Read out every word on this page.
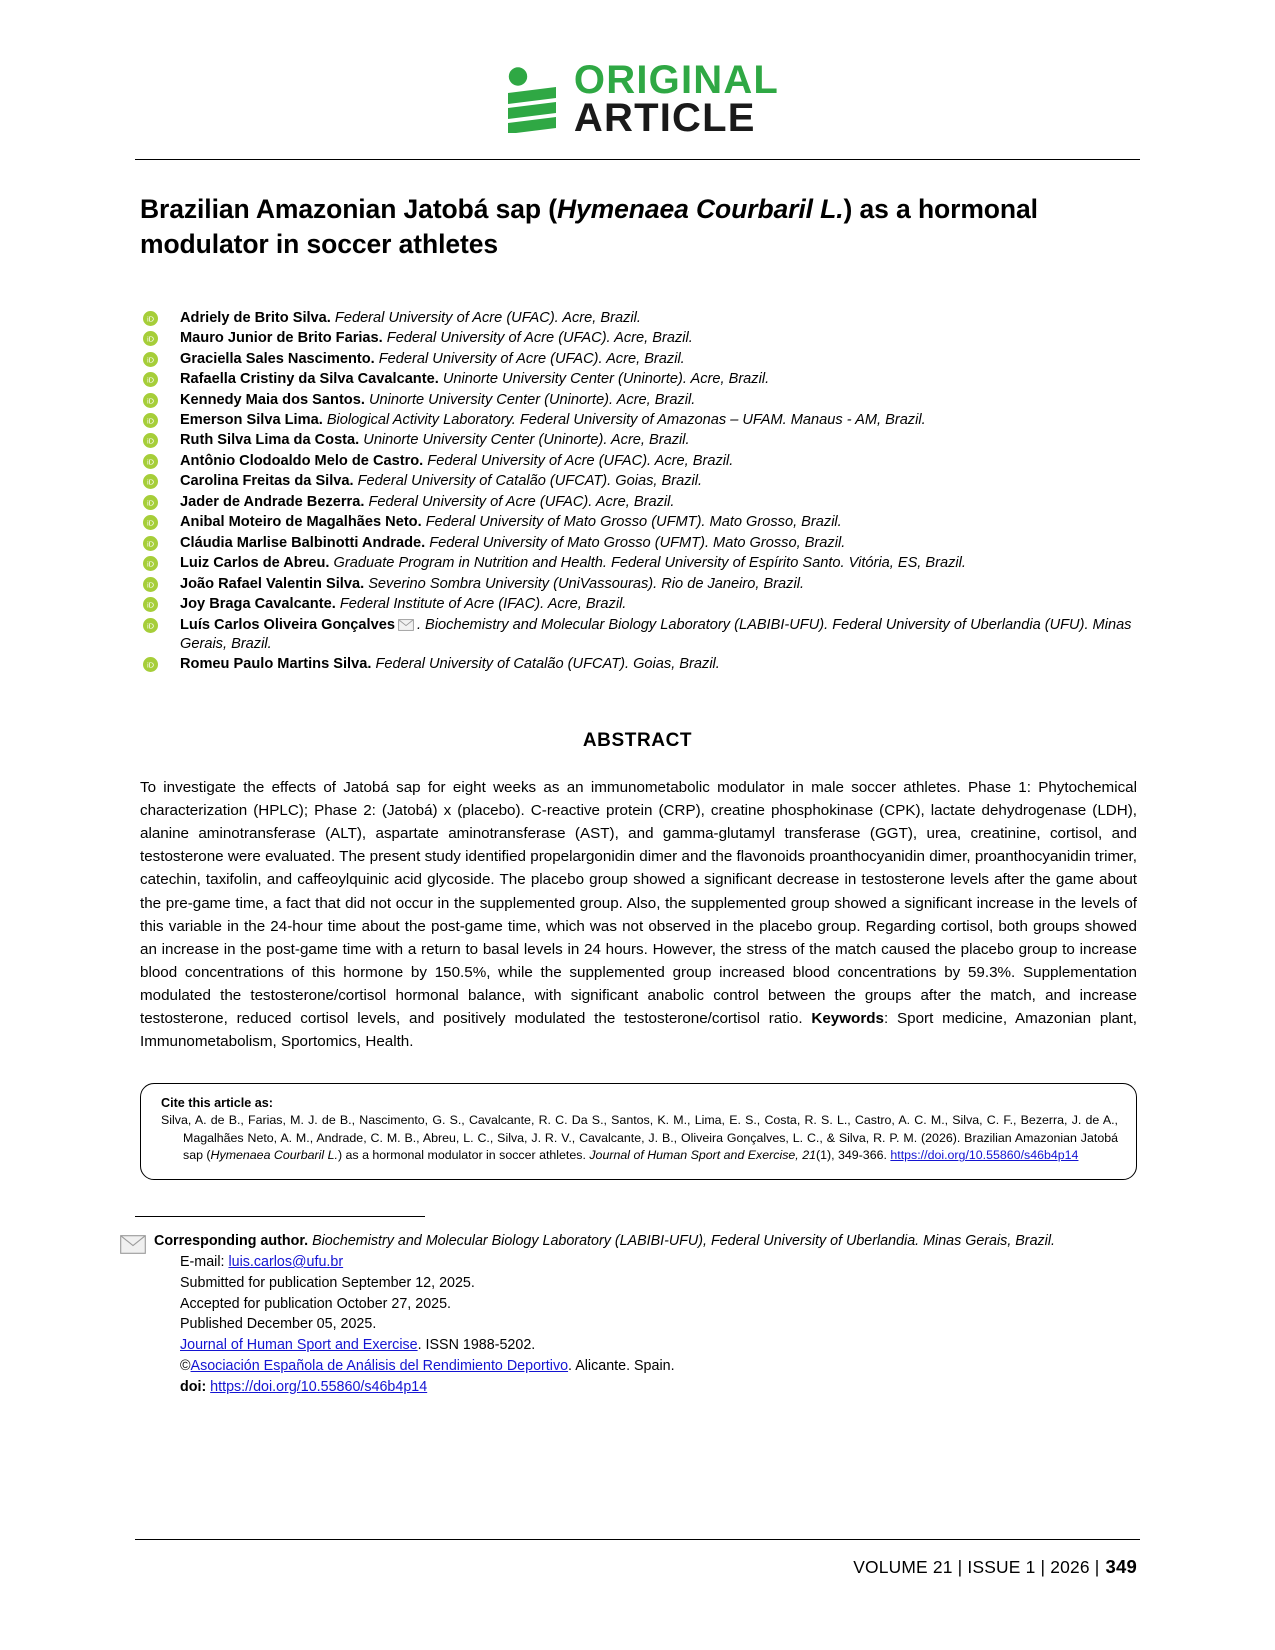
ORIGINAL
ARTICLE
Brazilian Amazonian Jatobá sap (Hymenaea Courbaril L.) as a hormonal modulator in soccer athletes
iD Adriely de Brito Silva. Federal University of Acre (UFAC). Acre, Brazil.
iD Mauro Junior de Brito Farias. Federal University of Acre (UFAC). Acre, Brazil.
iD Graciella Sales Nascimento. Federal University of Acre (UFAC). Acre, Brazil.
iD Rafaella Cristiny da Silva Cavalcante. Uninorte University Center (Uninorte). Acre, Brazil.
iD Kennedy Maia dos Santos. Uninorte University Center (Uninorte). Acre, Brazil.
iD Emerson Silva Lima. Biological Activity Laboratory. Federal University of Amazonas – UFAM. Manaus - AM, Brazil.
iD Ruth Silva Lima da Costa. Uninorte University Center (Uninorte). Acre, Brazil.
iD Antônio Clodoaldo Melo de Castro. Federal University of Acre (UFAC). Acre, Brazil.
iD Carolina Freitas da Silva. Federal University of Catalão (UFCAT). Goias, Brazil.
iD Jader de Andrade Bezerra. Federal University of Acre (UFAC). Acre, Brazil.
iD Anibal Moteiro de Magalhães Neto. Federal University of Mato Grosso (UFMT). Mato Grosso, Brazil.
iD Cláudia Marlise Balbinotti Andrade. Federal University of Mato Grosso (UFMT). Mato Grosso, Brazil.
iD Luiz Carlos de Abreu. Graduate Program in Nutrition and Health. Federal University of Espírito Santo. Vitória, ES, Brazil.
iD João Rafael Valentin Silva. Severino Sombra University (UniVassouras). Rio de Janeiro, Brazil.
iD Joy Braga Cavalcante. Federal Institute of Acre (IFAC). Acre, Brazil.
iD Luís Carlos Oliveira Gonçalves . Biochemistry and Molecular Biology Laboratory (LABIBI-UFU). Federal University of Uberlandia (UFU). Minas Gerais, Brazil.
iD Romeu Paulo Martins Silva. Federal University of Catalão (UFCAT). Goias, Brazil.
ABSTRACT
To investigate the effects of Jatobá sap for eight weeks as an immunometabolic modulator in male soccer athletes. Phase 1: Phytochemical characterization (HPLC); Phase 2: (Jatobá) x (placebo). C-reactive protein (CRP), creatine phosphokinase (CPK), lactate dehydrogenase (LDH), alanine aminotransferase (ALT), aspartate aminotransferase (AST), and gamma-glutamyl transferase (GGT), urea, creatinine, cortisol, and testosterone were evaluated. The present study identified propelargonidin dimer and the flavonoids proanthocyanidin dimer, proanthocyanidin trimer, catechin, taxifolin, and caffeoylquinic acid glycoside. The placebo group showed a significant decrease in testosterone levels after the game about the pre-game time, a fact that did not occur in the supplemented group. Also, the supplemented group showed a significant increase in the levels of this variable in the 24-hour time about the post-game time, which was not observed in the placebo group. Regarding cortisol, both groups showed an increase in the post-game time with a return to basal levels in 24 hours. However, the stress of the match caused the placebo group to increase blood concentrations of this hormone by 150.5%, while the supplemented group increased blood concentrations by 59.3%. Supplementation modulated the testosterone/cortisol hormonal balance, with significant anabolic control between the groups after the match, and increase testosterone, reduced cortisol levels, and positively modulated the testosterone/cortisol ratio. Keywords: Sport medicine, Amazonian plant, Immunometabolism, Sportomics, Health.
Cite this article as:
Silva, A. de B., Farias, M. J. de B., Nascimento, G. S., Cavalcante, R. C. Da S., Santos, K. M., Lima, E. S., Costa, R. S. L., Castro, A. C. M., Silva, C. F., Bezerra, J. de A., Magalhães Neto, A. M., Andrade, C. M. B., Abreu, L. C., Silva, J. R. V., Cavalcante, J. B., Oliveira Gonçalves, L. C., & Silva, R. P. M. (2026). Brazilian Amazonian Jatobá sap (Hymenaea Courbaril L.) as a hormonal modulator in soccer athletes. Journal of Human Sport and Exercise, 21(1), 349-366. https://doi.org/10.55860/s46b4p14
Corresponding author. Biochemistry and Molecular Biology Laboratory (LABIBI-UFU), Federal University of Uberlandia. Minas Gerais, Brazil.
E-mail: luis.carlos@ufu.br
Submitted for publication September 12, 2025.
Accepted for publication October 27, 2025.
Published December 05, 2025.
Journal of Human Sport and Exercise. ISSN 1988-5202.
©Asociación Española de Análisis del Rendimiento Deportivo. Alicante. Spain.
doi: https://doi.org/10.55860/s46b4p14
VOLUME 21 | ISSUE 1 | 2026 | 349
